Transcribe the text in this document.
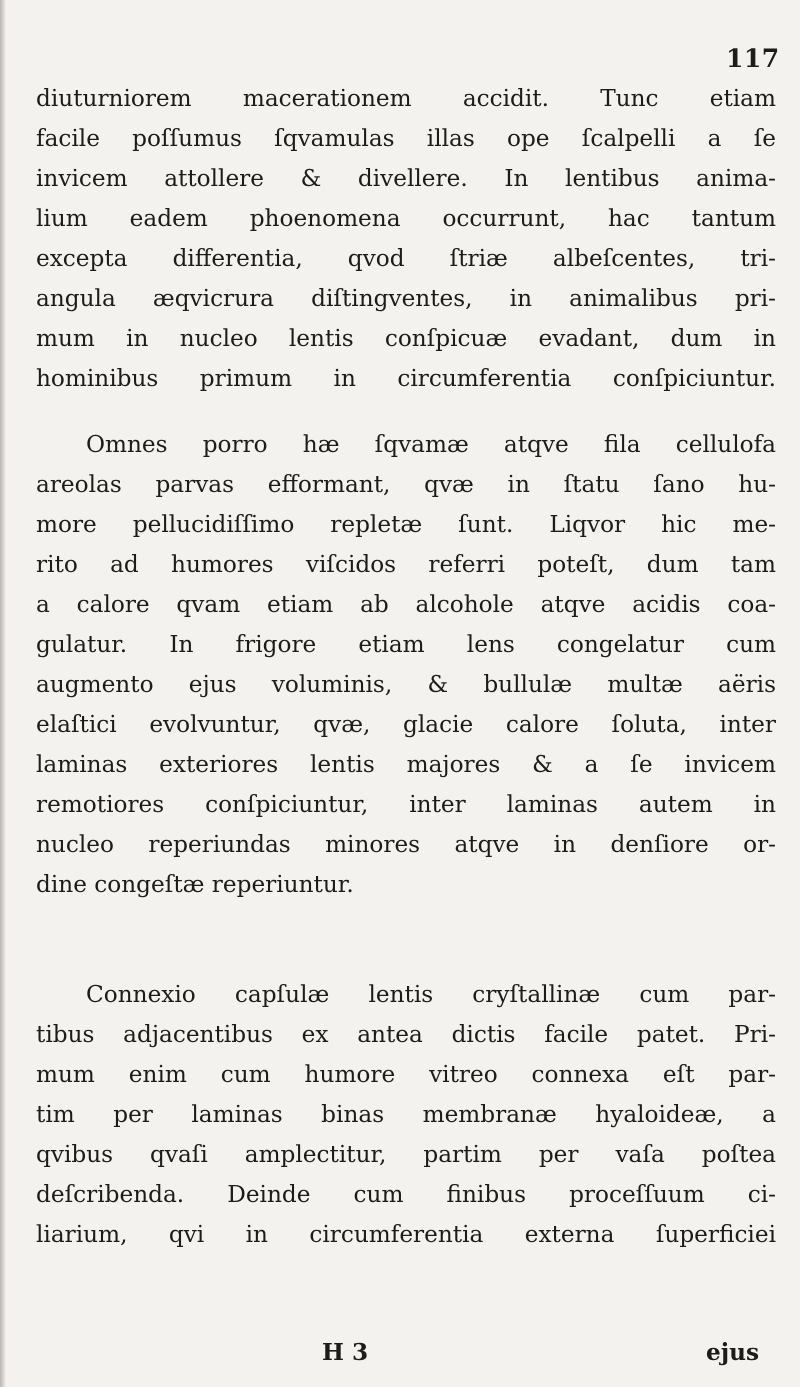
117
diuturniorem macerationem accidit. Tunc etiam
facile poſſumus ſqvamulas illas ope ſcalpelli a ſe
invicem attollere & divellere. In lentibus anima-
lium eadem phoenomena occurrunt, hac tantum
excepta differentia, qvod ſtriæ albeſcentes, tri-
angula æqvicrura diſtingventes, in animalibus pri-
mum in nucleo lentis conſpicuæ evadant, dum in
hominibus primum in circumferentia conſpiciuntur.
Omnes porro hæ ſqvamæ atqve fila cellulofa
areolas parvas efformant, qvæ in ſtatu ſano hu-
more pellucidiſſimo repletæ ſunt. Liqvor hic me-
rito ad humores viſcidos referri poteſt, dum tam
a calore qvam etiam ab alcohole atqve acidis coa-
gulatur. In frigore etiam lens congelatur cum
augmento ejus voluminis, & bullulæ multæ aëris
elaſtici evolvuntur, qvæ, glacie calore ſoluta, inter
laminas exteriores lentis majores & a ſe invicem
remotiores conſpiciuntur, inter laminas autem in
nucleo reperiundas minores atqve in denſiore or-
dine congeſtæ reperiuntur.
Connexio capſulæ lentis cryſtallinæ cum par-
tibus adjacentibus ex antea dictis facile patet. Pri-
mum enim cum humore vitreo connexa eſt par-
tim per laminas binas membranæ hyaloideæ, a
qvibus qvaſi amplectitur, partim per vaſa poſtea
deſcribenda. Deinde cum finibus proceſſuum ci-
liarium, qvi in circumferentia externa ſuperficiei
H 3	ejus
